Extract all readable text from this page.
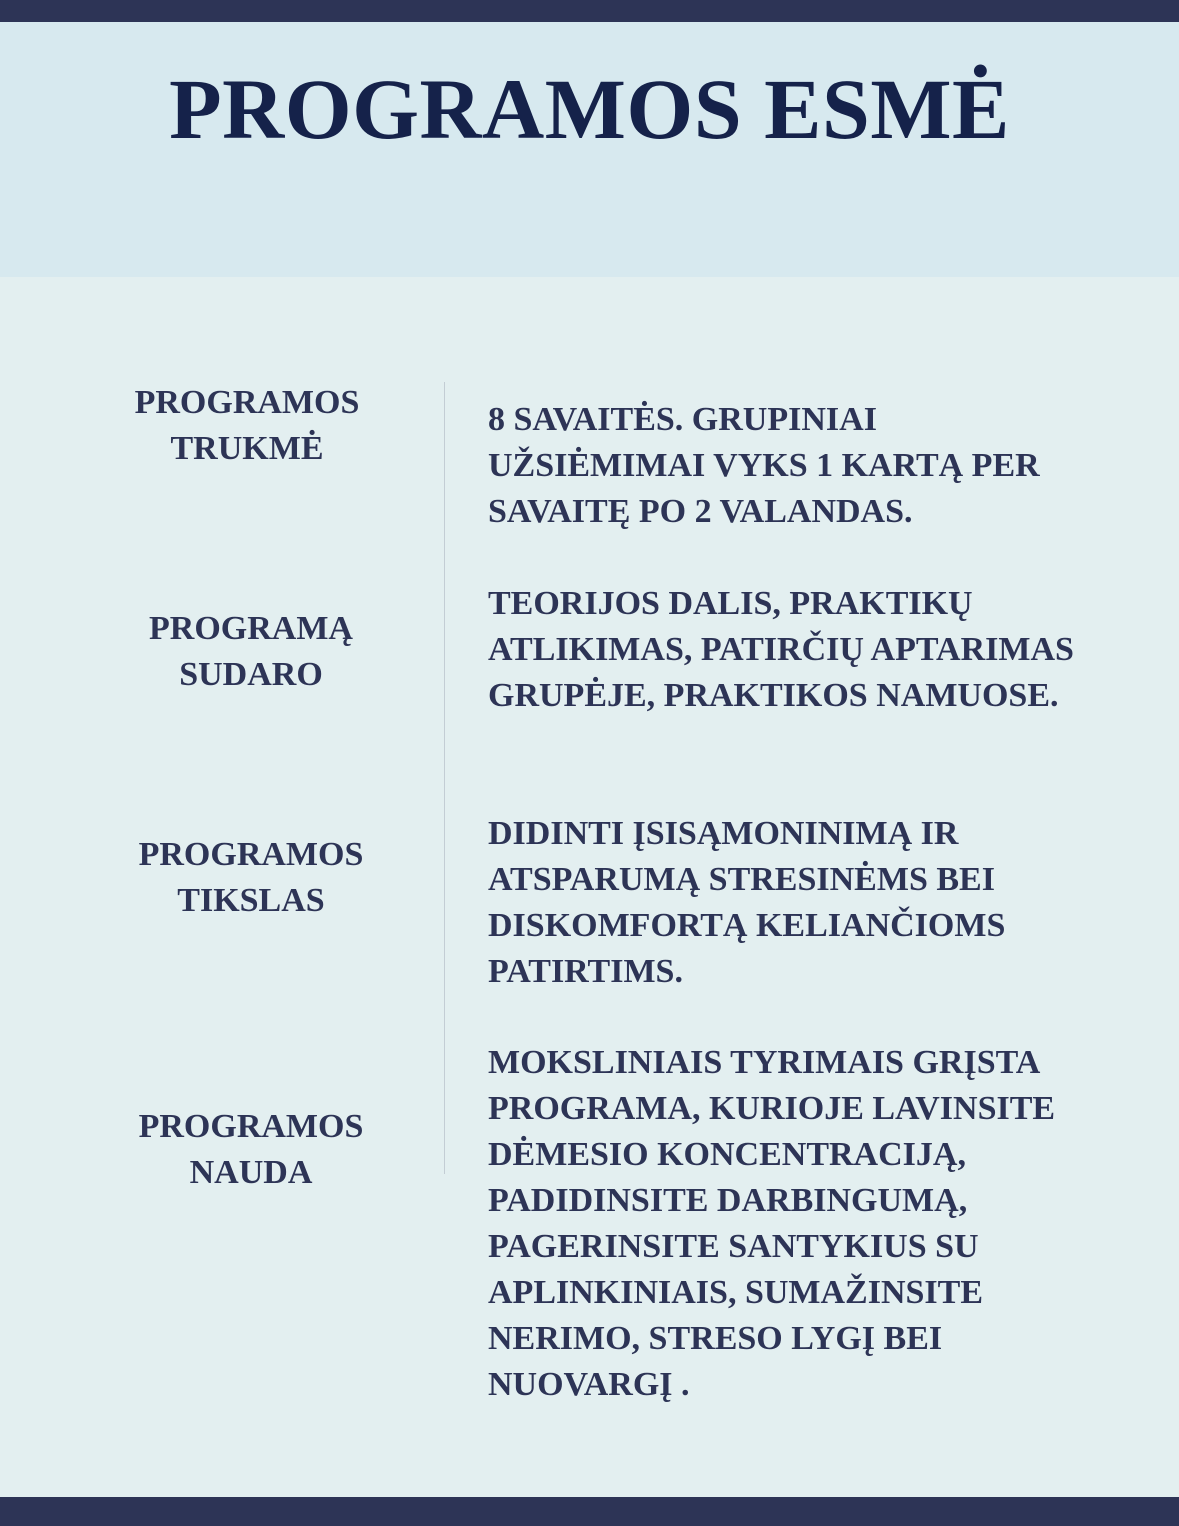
PROGRAMOS ESMĖ
PROGRAMOS
TRUKMĖ
8 SAVAITĖS. GRUPINIAI
UŽSIĖMIMAI VYKS 1 KARTĄ PER
SAVAITĘ PO 2 VALANDAS.
PROGRAMĄ
SUDARO
TEORIJOS DALIS, PRAKTIKŲ
ATLIKIMAS, PATIRČIŲ APTARIMAS
GRUPĖJE, PRAKTIKOS NAMUOSE.
PROGRAMOS
TIKSLAS
DIDINTI ĮSISĄMONINIMĄ IR
ATSPARUMĄ STRESINĖMS BEI
DISKOMFORTĄ KELIANČIOMS
PATIRTIMS.
PROGRAMOS
NAUDA
MOKSLINIAIS TYRIMAIS GRĮSTA
PROGRAMA, KURIOJE LAVINSITE
DĖMESIO KONCENTRACIJĄ,
PADIDINSITE DARBINGUMĄ,
PAGERINSITE SANTYKIUS SU
APLINKINIAIS, SUMAŽINSITE
NERIMO, STRESO LYGĮ BEI
NUOVARGĮ .
